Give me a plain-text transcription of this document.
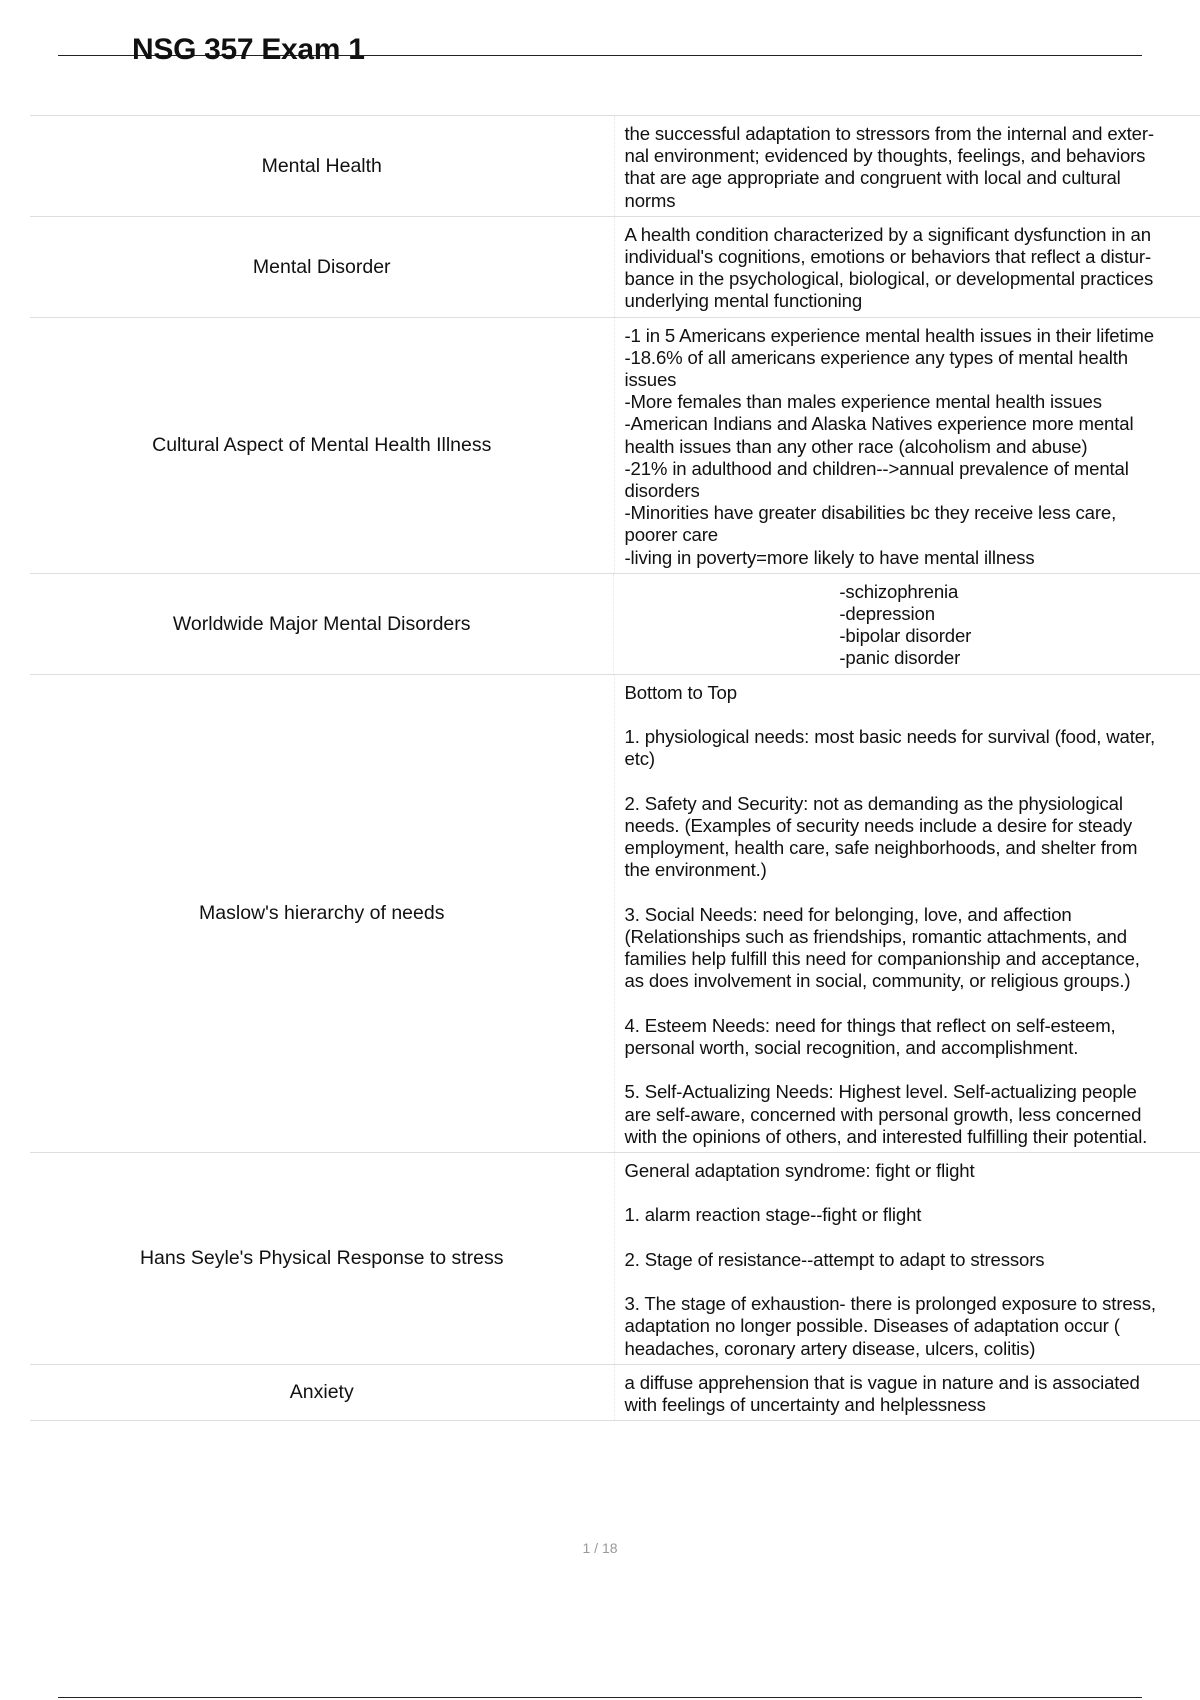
NSG 357 Exam 1
Mental Health
the successful adaptation to stressors from the internal and exter-
nal environment; evidenced by thoughts, feelings, and behaviors
that are age appropriate and congruent with local and cultural
norms
Mental Disorder
A health condition characterized by a significant dysfunction in an
individual's cognitions, emotions or behaviors that reflect a distur-
bance in the psychological, biological, or developmental practices
underlying mental functioning
Cultural Aspect of Mental Health Illness
-1 in 5 Americans experience mental health issues in their lifetime
-18.6% of all americans experience any types of mental health
issues
-More females than males experience mental health issues
-American Indians and Alaska Natives experience more mental
health issues than any other race (alcoholism and abuse)
-21% in adulthood and children-->annual prevalence of mental
disorders
-Minorities have greater disabilities bc they receive less care,
poorer care
-living in poverty=more likely to have mental illness
Worldwide Major Mental Disorders
-schizophrenia
-depression
-bipolar disorder
-panic disorder
Maslow's hierarchy of needs
Bottom to Top

1. physiological needs: most basic needs for survival (food, water,
etc)

2. Safety and Security: not as demanding as the physiological
needs. (Examples of security needs include a desire for steady
employment, health care, safe neighborhoods, and shelter from
the environment.)

3. Social Needs: need for belonging, love, and affection
(Relationships such as friendships, romantic attachments, and
families help fulfill this need for companionship and acceptance,
as does involvement in social, community, or religious groups.)

4. Esteem Needs: need for things that reflect on self-esteem,
personal worth, social recognition, and accomplishment.

5. Self-Actualizing Needs: Highest level. Self-actualizing people
are self-aware, concerned with personal growth, less concerned
with the opinions of others, and interested fulfilling their potential.
Hans Seyle's Physical Response to stress
General adaptation syndrome: fight or flight

1. alarm reaction stage--fight or flight

2. Stage of resistance--attempt to adapt to stressors

3. The stage of exhaustion- there is prolonged exposure to stress,
adaptation no longer possible. Diseases of adaptation occur (
headaches, coronary artery disease, ulcers, colitis)
Anxiety	a diffuse apprehension that is vague in nature and is associated
with feelings of uncertainty and helplessness
1 / 18
